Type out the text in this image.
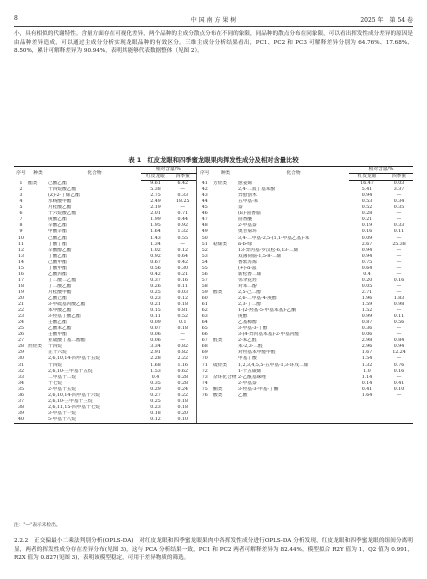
8	中 国 南 方 果 树	2025 年　第 54 卷
小，具有相似的代谢特性。含量方面存在可视化差异，两个品种的主成分散点分布在不同的象限，同品种的散点分布在同象限，可以看出挥发性成分差异的原因是由品种差异造成，可以通过主成分分析实现龙眼品种的有效区分。三维主成分分析结果看出，PC1、PC2 和 PC3 可解释差异分别为 64.76%、17.68%、8.50%，累计可解释差异为 90.94%，表明其能够代表数据整体（见图 2）。
表 1　红皮龙眼和四季蜜龙眼果肉挥发性成分及相对含量比较
序号	种类	化合物	相对含量/%		序号	种类	化合物	相对含量/%	
			红皮龙眼	四季蜜				红皮龙眼	四季蜜
1	酯类	己酸乙酯	9.61	6.42	41	芳烃类	愈姜烯	16.47	0.03
2		十四烷酸乙酯	5.38	—	42		2,4-二叔丁基苯酚	5.41	3.37
3		(Z)-2-丁烯乙酯	2.75	0.33	43		异愈创木	0.94	—
4		水杨酸甲酯	2.49	18.25	44		五甲基-苯	0.53	0.34
5		月桂酸乙酯	2.19	—	45		萘	0.52	0.35
6		十六烷酸乙酯	2.01	0.71	46		(E)-茴香脑	0.28	—
7		庚酸乙酯	1.99	0.44	47		茴香醚	0.21	—
8		辛酸乙酯	1.95	0.92	48		2-甲基萘	0.19	0.33
9		甲酸辛酯	1.64	1.32	49		奥甘菊环	0.16	0.11
10		己酸乙酯	1.43	0.55	50		3,4-二甲基-2,5-(1,1-甲基乙基)-苯	0.09	—
11		丁酸丁酯	1.34	—	51	萜烯类	α-b-绿	2.67	25.38
12		辛酸醇乙酯	1.02	0.12	52		13-异丙基-罗汉松-6,13-二烯	0.94	—
13		丁酸乙酯	0.92	0.64	53		双薄荷脑-1,5-8-二烯	0.94	—
14		己酸甲酯	0.67	0.42	54		香紫苏烯	0.75	—
15		丁酸甲酯	0.56	0.30	55		(+)-α-蒎	0.64	—
16		乙酸丙酯	0.42	0.21	56		新松香二烯	0.4	—
17		丁二酸二乙酯	0.37	0.16	57		邻伞花烃	0.20	0.16
18		丁二酸乙酯	0.26	0.11	58		对苯二酚	0.05	—
19		月桂酸甲酯	0.25	0.03	59	醇类	2,5-己二醇	2.71	—
20		乙酸己酯	0.23	0.12	60		2,6-二甲基-4-庚醇	1.96	1.83
21		3-甲硫基丙酸乙酯	0.21	0.18	61		2,3-丁二醇	1.59	0.98
22		苯甲酸乙酯	0.15	0.81	62		1-(2-羟基-5-甲基苯基)-乙酮	1.52	—
23		3-羟基丁酸乙酯	0.11	0.52	63		庚醇	0.99	0.11
24		壬酸乙酯	0.09	0.1	64		乙基樟醇	0.87	0.56
25		乙酸苯乙酯	0.07	0.18	65		3-甲基-3-丁醇	0.36	—
26		壬酸甲酯	0.06	—	66		3-(4-异丙基苯基)-2-甲基丙醛	0.06	—
27		亚硫酸丁基二醇酯	0.06	—	67	醛类	2-苯乙醛	2.98	0.84
28	烃烃类	十四烷	3.34	0.82	68		苯-2,3-二醛	2.96	0.94
29		正十六烷	2.91	0.82	69		对羟基苯甲醛甲醛	1.67	12.24
30		2,6,10,14-四甲基十五烷	2.28	2.22	70		甲基丁酸	1.54	—
31		十四烷	1.68	1.16	71	硫烃类	1,2,3,4,5,5-五甲基-1,3-环戊二烯	1.32	0.76
32		2,6,10-三甲基十五烷	1.53	0.62	72		1-十五碳烯	1.0	0.16
33		二甲基十二烷	0.4	0.28	73	杂环化合物	2-乙酰基咪唑	1.14	—
34		十七烷	0.35	0.28	74		2-甲基萘	0.14	0.41
35		2-甲基十五烷	0.29	0.24	75	酮类	3-羟基-3-甲基-丁酮	0.41	0.10
36		2,6,10,14-四甲基十六烷	0.27	0.22	76	酸类	乙酸	1.64	—
37		2,6,10-三甲基十三烷	0.25	0.18					
38		2,6,11,15-四甲基十七烷	0.23	0.18					
39		3-甲基十一烷	0.18	0.20					
40		5-甲基十八烷	0.12	0.10					
注："—"表示未检出。
2.2.2　正交偏最小二乘法判别分析(OPLS-DA)　对红皮龙眼和四季蜜龙眼果肉中各挥发性成分进行OPLS-DA 分析发现，红皮龙眼和四季蜜龙眼的组间分离明显，两者的挥发性成分存在差异分布(见图 3)，这与 PCA 分析结果一致，PC1 和 PC2 两者可解释差异为 82.44%。模型拟合 R2Y 值为 1，Q2 值为 0.991，R2X 值为 0.827(见图 3)，表明该模型稳定，可用于差异物质的筛选。
